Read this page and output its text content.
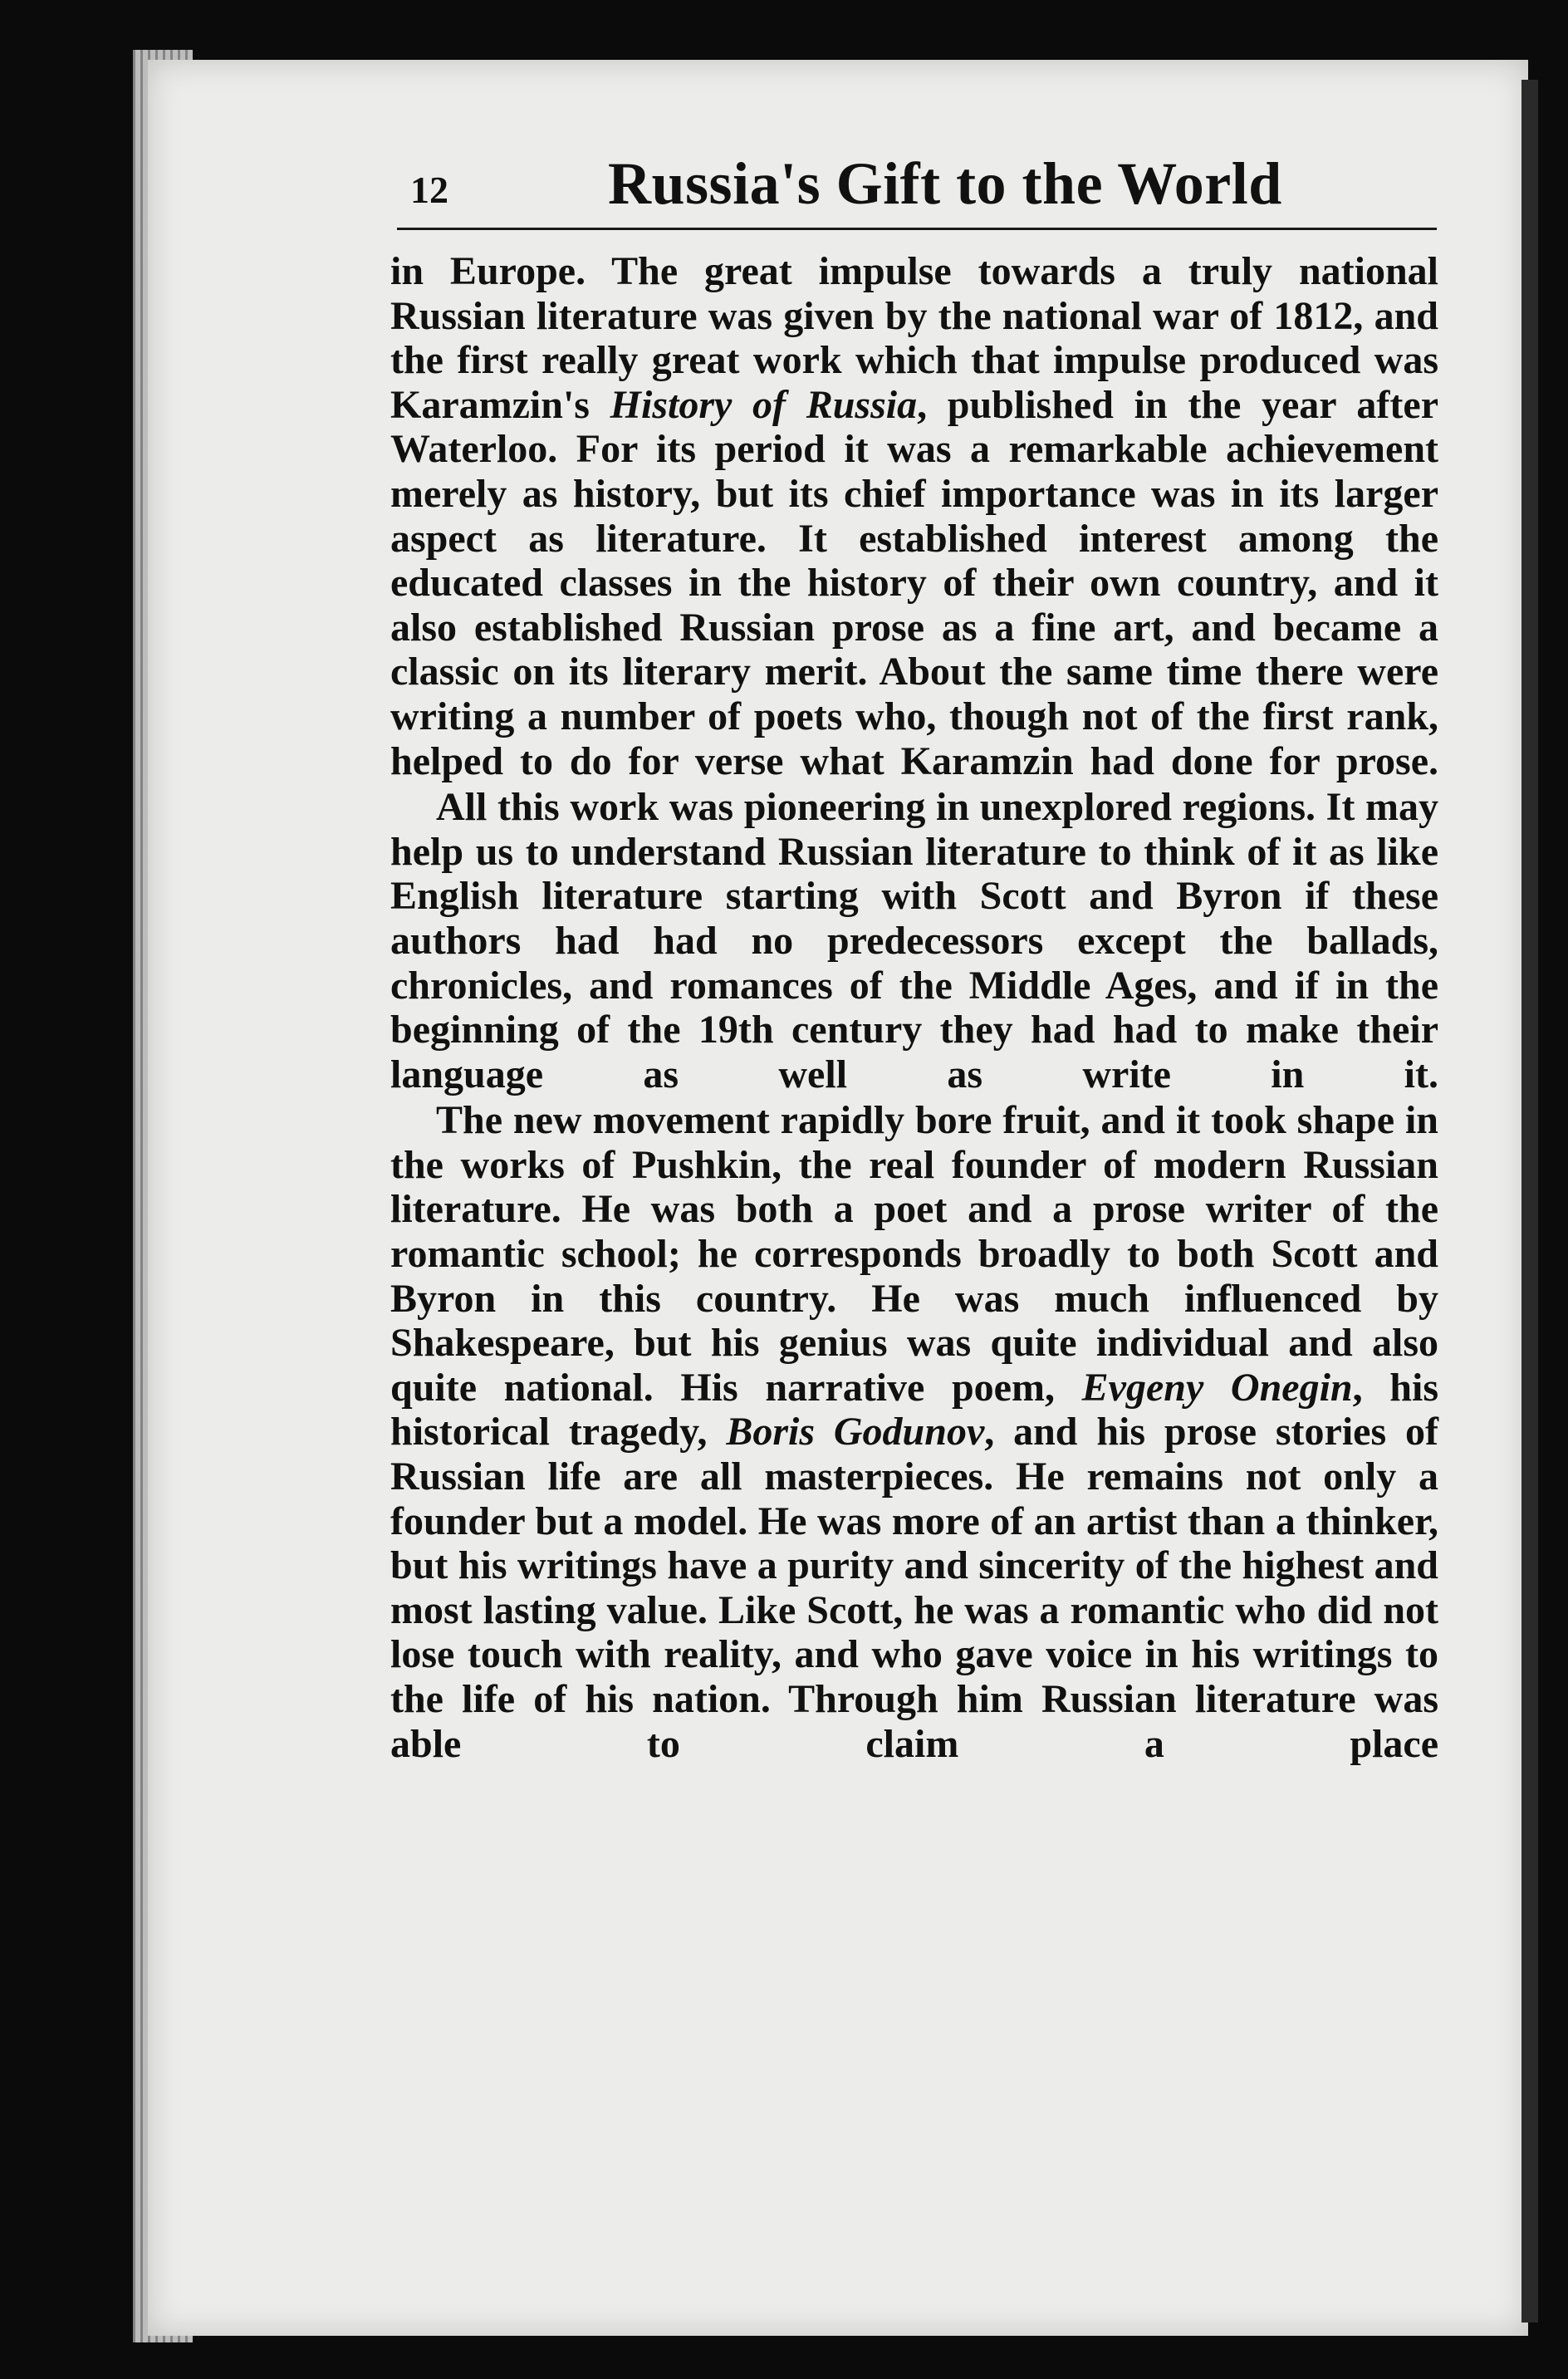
12	Russia's Gift to the World

in Europe. The great impulse towards a truly national Russian literature was given by the national war of 1812, and the first really great work which that impulse produced was Karamzin's History of Russia, published in the year after Waterloo. For its period it was a remarkable achievement merely as history, but its chief importance was in its larger aspect as literature. It established interest among the educated classes in the history of their own country, and it also established Russian prose as a fine art, and became a classic on its literary merit. About the same time there were writing a number of poets who, though not of the first rank, helped to do for verse what Karamzin had done for prose.

All this work was pioneering in unexplored regions. It may help us to understand Russian literature to think of it as like English literature starting with Scott and Byron if these authors had had no predecessors except the ballads, chronicles, and romances of the Middle Ages, and if in the beginning of the 19th century they had had to make their language as well as write in it.

The new movement rapidly bore fruit, and it took shape in the works of Pushkin, the real founder of modern Russian literature. He was both a poet and a prose writer of the romantic school; he corresponds broadly to both Scott and Byron in this country. He was much influenced by Shakespeare, but his genius was quite individual and also quite national. His narrative poem, Evgeny Onegin, his historical tragedy, Boris Godunov, and his prose stories of Russian life are all masterpieces. He remains not only a founder but a model. He was more of an artist than a thinker, but his writings have a purity and sincerity of the highest and most lasting value. Like Scott, he was a romantic who did not lose touch with reality, and who gave voice in his writings to the life of his nation. Through him Russian literature was able to claim a place
